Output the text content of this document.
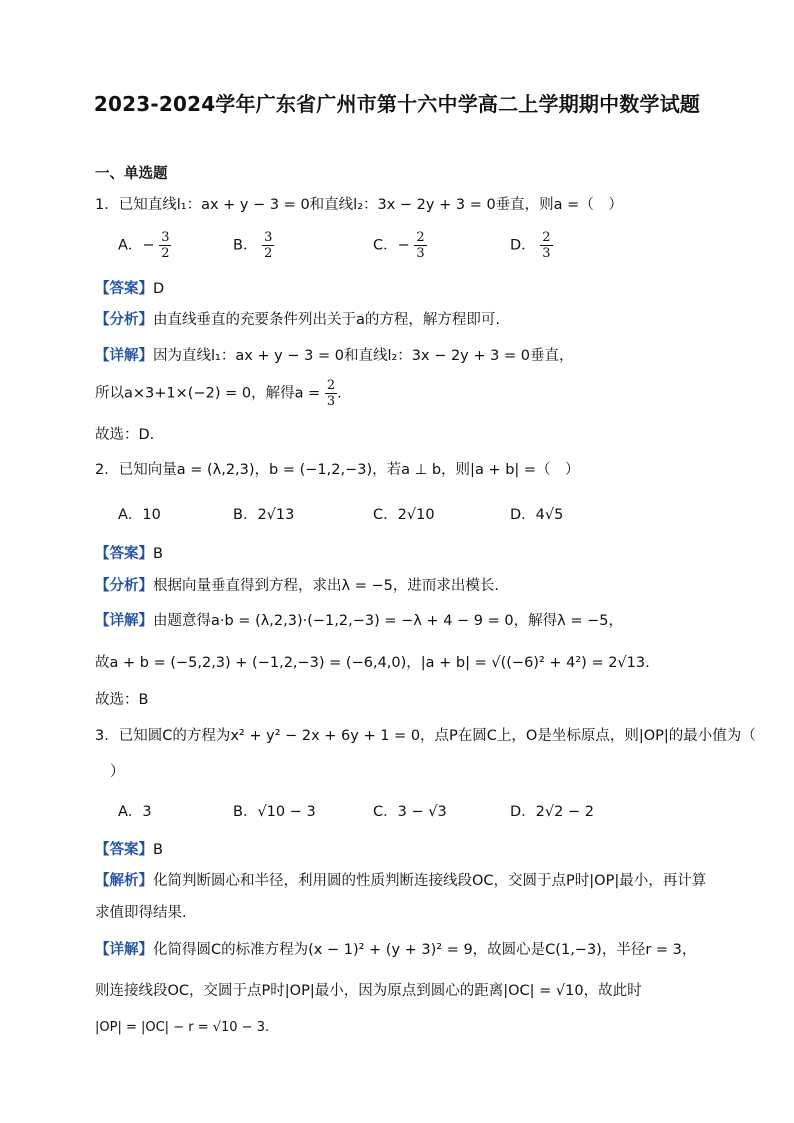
2023-2024学年广东省广州市第十六中学高二上学期期中数学试题
一、单选题
1．已知直线l₁：ax + y − 3 = 0和直线l₂：3x − 2y + 3 = 0垂直，则a =（　）
A．− $\frac{3}{2}$	B． $\frac{3}{2}$	C．− $\frac{2}{3}$	D． $\frac{2}{3}$
【答案】D
【分析】由直线垂直的充要条件列出关于a的方程，解方程即可.
【详解】因为直线l₁：ax + y − 3 = 0和直线l₂：3x − 2y + 3 = 0垂直，
所以a×3+1×(−2) = 0，解得$a = \frac{2}{3}$ .
故选：D.
2．已知向量a = (λ,2,3)，b = (−1,2,−3)，若a ⊥ b，则|a + b| =（　）
A．10	B．2√13	C．2√10	D．4√5
【答案】B
【分析】根据向量垂直得到方程，求出λ = −5，进而求出模长.
【详解】由题意得a·b = (λ,2,3)·(−1,2,−3) = −λ + 4 − 9 = 0，解得λ = −5，
故a + b = (−5,2,3) + (−1,2,−3) = (−6,4,0)，|a + b| = √((−6)² + 4²) = 2√13.
故选：B
3．已知圆C的方程为x² + y² − 2x + 6y + 1 = 0，点P在圆C上，O是坐标原点，则|OP|的最小值为（
）
A．3	B．√10 − 3	C．3 − √3	D．2√2 − 2
【答案】B
【解析】化简判断圆心和半径，利用圆的性质判断连接线段OC，交圆于点P时|OP|最小，再计算
求值即得结果.
【详解】化简得圆C的标准方程为(x − 1)² + (y + 3)² = 9，故圆心是C(1,−3)，半径r = 3，
则连接线段OC，交圆于点P时|OP|最小，因为原点到圆心的距离|OC| = √10，故此时
|OP| = |OC| − r = √10 − 3.
